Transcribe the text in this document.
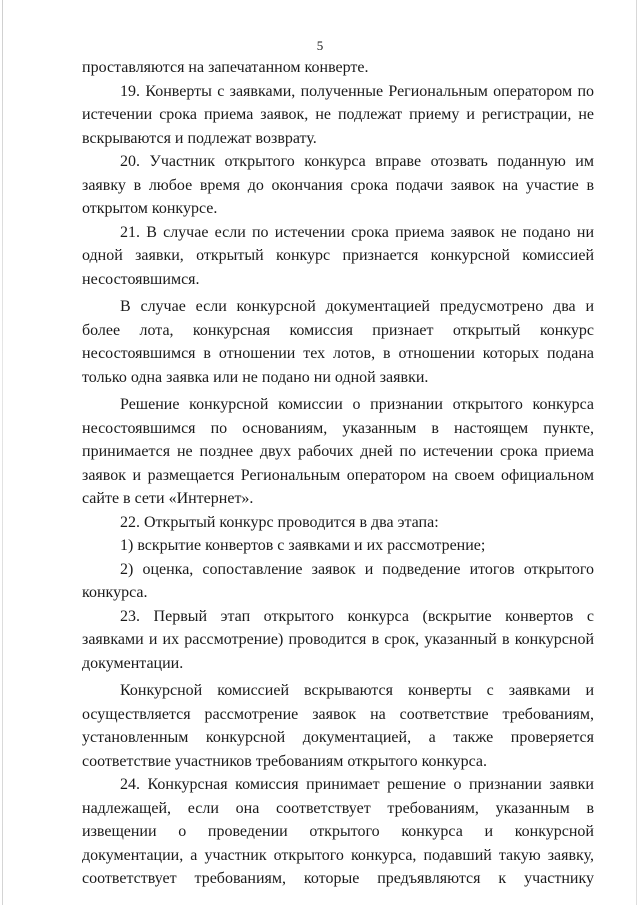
5
проставляются на запечатанном конверте.
19. Конверты с заявками, полученные Региональным оператором по
истечении срока приема заявок, не подлежат приему и регистрации, не
вскрываются и подлежат возврату.
20. Участник открытого конкурса вправе отозвать поданную им
заявку в любое время до окончания срока подачи заявок на участие в
открытом конкурсе.
21. В случае если по истечении срока приема заявок не подано ни
одной заявки, открытый конкурс признается конкурсной комиссией
несостоявшимся.
В случае если конкурсной документацией предусмотрено два и
более лота, конкурсная комиссия признает открытый конкурс
несостоявшимся в отношении тех лотов, в отношении которых подана
только одна заявка или не подано ни одной заявки.
Решение конкурсной комиссии о признании открытого конкурса
несостоявшимся по основаниям, указанным в настоящем пункте,
принимается не позднее двух рабочих дней по истечении срока приема
заявок и размещается Региональным оператором на своем официальном
сайте в сети «Интернет».
22. Открытый конкурс проводится в два этапа:
1) вскрытие конвертов с заявками и их рассмотрение;
2) оценка, сопоставление заявок и подведение итогов открытого
конкурса.
23. Первый этап открытого конкурса (вскрытие конвертов с
заявками и их рассмотрение) проводится в срок, указанный в конкурсной
документации.
Конкурсной комиссией вскрываются конверты с заявками и
осуществляется рассмотрение заявок на соответствие требованиям,
установленным конкурсной документацией, а также проверяется
соответствие участников требованиям открытого конкурса.
24. Конкурсная комиссия принимает решение о признании заявки
надлежащей, если она соответствует требованиям, указанным в
извещении о проведении открытого конкурса и конкурсной
документации, а участник открытого конкурса, подавший такую заявку,
соответствует требованиям, которые предъявляются к участнику
